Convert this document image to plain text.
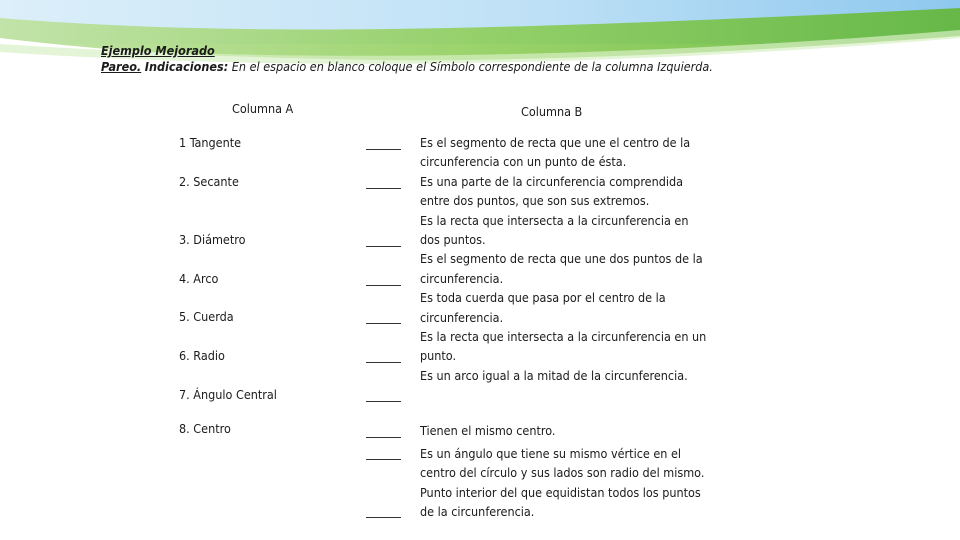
Ejemplo Mejorado
Pareo. Indicaciones: En el espacio en blanco coloque el Símbolo correspondiente de la columna Izquierda.
Columna A	Columna B
1 Tangente
2. Secante
3. Diámetro
4. Arco
5. Cuerda
6. Radio
7. Ángulo Central
8. Centro

Es el segmento de recta que une el centro de la circunferencia con un punto de ésta.

Es una parte de la circunferencia comprendida entre dos puntos, que son sus extremos.

Es la recta que intersecta a la circunferencia en dos puntos.

Es el segmento de recta que une dos puntos de la circunferencia.

Es toda cuerda que pasa por el centro de la circunferencia.

Es la recta que intersecta a la circunferencia en un punto.

Es un arco igual a la mitad de la circunferencia.

Tienen el mismo centro.

Es un ángulo que tiene su mismo vértice en el centro del círculo y sus lados son radio del mismo.

Punto interior del que equidistan todos los puntos de la circunferencia.
